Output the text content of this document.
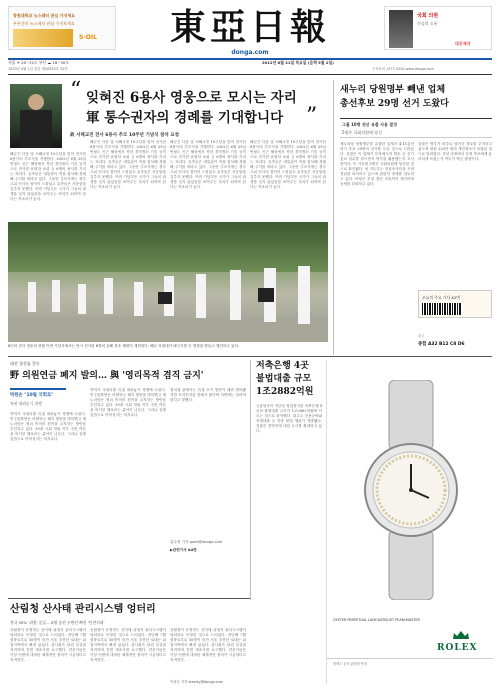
창원대학교 뉴스레터 관심 가지세요
부부간의 뉴스레터 관심 가져보세요
S-OIL	東亞日報
donga.com
국회 의원
진실의 소통
대웅제약
서울 ☀ 20~31도 부산 ☁ 18~30도	2012년 6월 21일 목요일 (음력 5월 2일)
1920년 4월 1일 창간 제28329호 32면	구독문의 1577-4200 www.donga.com
“ 잊혀진 6용사 영웅으로 모시는 자리
軍 통수권자의 경례를 기대합니다 ”
故 서해교전 전사 6용사 추모 10주년 기념식 참석 요청
해군은 다음 달 서해교전 10주년을 맞아 전사한 6용사의 추모식을 거행한다. 2002년 6월 29일 연평도 인근 해상에서 북한 경비정의 기습 공격으로 전사한 윤영하 소령 등 6명의 용사를 기리는 자리다. 유족들은 대통령이 직접 참석해 경례해 주기를 바라고 있다. 그동안 추모식에는 정부 고위 인사의 참석이 드물었고 유족들은 서운함을 감추지 못했다. 이번 기념식은 국가가 그들의 희생을 잊지 않았음을 보여주는 자리가 되어야 한다는 목소리가 높다.
해군은 다음 달 서해교전 10주년을 맞아 전사한 6용사의 추모식을 거행한다. 2002년 6월 29일 연평도 인근 해상에서 북한 경비정의 기습 공격으로 전사한 윤영하 소령 등 6명의 용사를 기리는 자리다. 유족들은 대통령이 직접 참석해 경례해 주기를 바라고 있다. 그동안 추모식에는 정부 고위 인사의 참석이 드물었고 유족들은 서운함을 감추지 못했다. 이번 기념식은 국가가 그들의 희생을 잊지 않았음을 보여주는 자리가 되어야 한다는 목소리가 높다.
해군은 다음 달 서해교전 10주년을 맞아 전사한 6용사의 추모식을 거행한다. 2002년 6월 29일 연평도 인근 해상에서 북한 경비정의 기습 공격으로 전사한 윤영하 소령 등 6명의 용사를 기리는 자리다. 유족들은 대통령이 직접 참석해 경례해 주기를 바라고 있다. 그동안 추모식에는 정부 고위 인사의 참석이 드물었고 유족들은 서운함을 감추지 못했다. 이번 기념식은 국가가 그들의 희생을 잊지 않았음을 보여주는 자리가 되어야 한다는 목소리가 높다.
해군은 다음 달 서해교전 10주년을 맞아 전사한 6용사의 추모식을 거행한다. 2002년 6월 29일 연평도 인근 해상에서 북한 경비정의 기습 공격으로 전사한 윤영하 소령 등 6명의 용사를 기리는 자리다. 유족들은 대통령이 직접 참석해 경례해 주기를 바라고 있다. 그동안 추모식에는 정부 고위 인사의 참석이 드물었고 유족들은 서운함을 감추지 못했다. 이번 기념식은 국가가 그들의 희생을 잊지 않았음을 보여주는 자리가 되어야 한다는 목소리가 높다.
6인의 전사 영웅의 귀환 이번 기념식에서는 당시 전사한 6명의 유해 봉송 행렬이 재현된다. 해군 의장대가 태극기를 든 영정을 받들고 행진하고 있다.
새누리 당원명부 빼낸 업체
총선후보 29명 선거 도왔다
그룹 10명 전산 유출 사용 결정
5명은 국회의원에 당선
새누리당 당원명부를 유출한 업체가 4·11총선 당시 후보 29명의 선거를 도운 것으로 드러났다. 검찰은 이 업체가 문자메시지 발송 등 선거 홍보 업무를 맡으면서 명부를 활용했는지 조사 중이다. 이 가운데 5명은 국회의원에 당선된 것으로 확인됐다. 당 지도부는 진상조사단을 꾸려 경위를 파악하고 있으며 관련자 징계를 검토하고 있다. 야당은 부정 경선 의혹까지 제기하며 공세를 강화하고 있다.
검찰은 명부가 외부로 넘어간 경로를 추적하고 있으며 당원 220만 명의 개인정보가 포함된 것으로 알려졌다. 경선 과정에서 특정 후보에게 유리하게 쓰였는지 여부가 핵심 쟁점이다.
오늘의 주요 기사 A2면
광고
종합 A32 B12 C8 D6
대선 경선룰 갈등
野 의원연금 폐지 발의… 與 '영리목적 겸직 금지'
박원순 "10월 국회로"
특권 내려놓기 경쟁
여야가 국회의원 특권 내려놓기 경쟁에 나섰다. 민주통합당은 의원연금 폐지 법안을 발의했고 새누리당은 영리 목적의 겸직을 금지하는 방안을 추진하고 있다. 19대 국회 개원 이후 국민 여론을 의식한 행보라는 분석이 나온다. 그러나 실제 입법으로 이어질지는 미지수다.
여야가 국회의원 특권 내려놓기 경쟁에 나섰다. 민주통합당은 의원연금 폐지 법안을 발의했고 새누리당은 영리 목적의 겸직을 금지하는 방안을 추진하고 있다. 19대 국회 개원 이후 국민 여론을 의식한 행보라는 분석이 나온다. 그러나 실제 입법으로 이어질지는 미지수다.
정치권 관계자는 특권 포기 법안이 매번 발의됐지만 흐지부지된 전례가 많다며 이번에는 달라야 한다고 말했다.
홍수영 기자 gaea@donga.com
▶관련기사 A4면
저축은행 4곳
불법대출 규모
1조2882억원
금융당국이 지난달 영업정지된 저축은행 4곳의 불법대출 규모가 1조2882억원에 이르는 것으로 파악했다. 대주주 신용공여와 차명대출 등 각종 불법 행위가 적발됐다. 검찰은 경영진에 대한 수사를 확대하고 있다.
OYSTER PERPETUAL LADY-DATEJUST PEARLMASTER
ROLEX
롤렉스 공식 판매점 안내
산림청 산사태 관리시스템 엉터리
전국 30% '위험' 분류… 6명 숨진 우면산 빠진 '안전지대'
산림청이 운영하는 산사태 위험지 관리시스템이 엉터리로 운영된 것으로 드러났다. 지난해 7월 집중호우로 16명이 숨진 서울 우면산 일대는 위험지역에서 빠져 있었다. 감사원은 관리 부실을 지적하며 전면 재조사를 요구했다. 전문가들은 기상 이변에 대비한 체계적인 정비가 시급하다고 지적한다.
산림청이 운영하는 산사태 위험지 관리시스템이 엉터리로 운영된 것으로 드러났다. 지난해 7월 집중호우로 16명이 숨진 서울 우면산 일대는 위험지역에서 빠져 있었다. 감사원은 관리 부실을 지적하며 전면 재조사를 요구했다. 전문가들은 기상 이변에 대비한 체계적인 정비가 시급하다고 지적한다.
산림청이 운영하는 산사태 위험지 관리시스템이 엉터리로 운영된 것으로 드러났다. 지난해 7월 집중호우로 16명이 숨진 서울 우면산 일대는 위험지역에서 빠져 있었다. 감사원은 관리 부실을 지적하며 전면 재조사를 요구했다. 전문가들은 기상 이변에 대비한 체계적인 정비가 시급하다고 지적한다.
이성호 기자 starsky@donga.com
